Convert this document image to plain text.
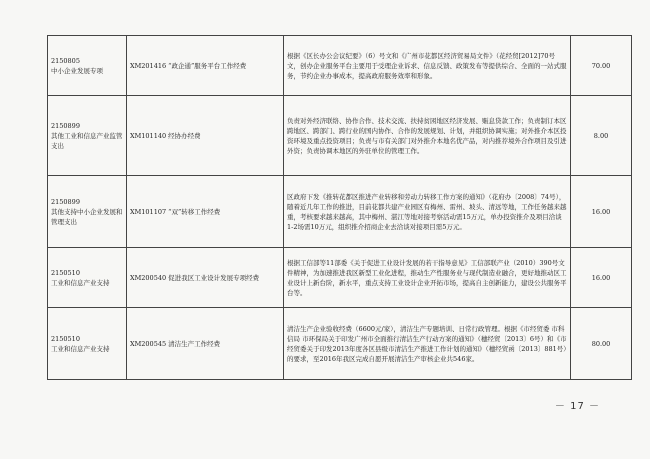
2150805
中小企业发展专项	XM201416 “政企通”服务平台工作经费	根据《区长办公会议纪要》（6）号文和《广州市花都区经济贸易局文件》（花经贸[2012]70号文，创办企业服务平台主要用于受理企业诉求、信息反馈、政策发布等提供综合、全面的一站式服务，节约企业办事成本，提高政府服务效率和形象。	70.00

2150899
其他工业和信息产业监管支出	XM101140 经协办经费	负责对外经济联络、协作合作、技术交流、扶持贫困地区经济发展、赈息贷款工作；负责制订本区跨地区、跨部门、跨行业的国内协作、合作的发展规划、计划，并组织协调实施；对外推介本区投资环境及重点投资项目；负责与市有关部门对外推介本地名优产品，对内推荐境外合作项目及引进外资；负责协调本地区的外驻单位的管理工作。	8.00

2150899
其他支持中小企业发展和管理支出	XM101107 “双”转移工作经费	区政府下发《推转花都区推进产业转移和劳动力转移工作方案的通知》（花府办〔2008〕74号），随着近几年工作的推进，目前花都共建产业园区有梅州、雷州、坡头、清远等地，工作任务越来越重，考核要求越来越高，其中梅州、湛江等地对接考察活动需15万元，单办投资推介及项目洽谈1-2场需10万元，组织推介招商企业去洽谈对接项目需5万元。	16.00

2150510
工业和信息产业支持	XM200540 促进我区工业设计发展专项经费	根据工信部等11部委《关于促进工业设计发展的若干指导意见》工信部联产业（2010）390号文件精神，为加速推进我区新型工业化进程，推动生产性服务业与现代制造业融合，更好地推动区工业设计上新台阶，新水平，重点支持工业设计企业开拓市场，提高自主创新能力，建设公共服务平台等。	16.00

2150510
工业和信息产业支持	XM200545 清洁生产工作经费	清洁生产企业验收经费（6600元/家），清洁生产专题培训、日常行政管理。根据《市经贸委 市科信局 市环保局关于印发广州市全面推行清洁生产行动方案的通知》（穗经贸〔2013〕6号）和《市经贸委关于印发2013年度各区县级市清洁生产推进工作计划的通知》（穗经贸函〔2013〕881号）的要求，至2016年我区完成自愿开展清洁生产审核企业共546家。	80.00
－ 17 －
